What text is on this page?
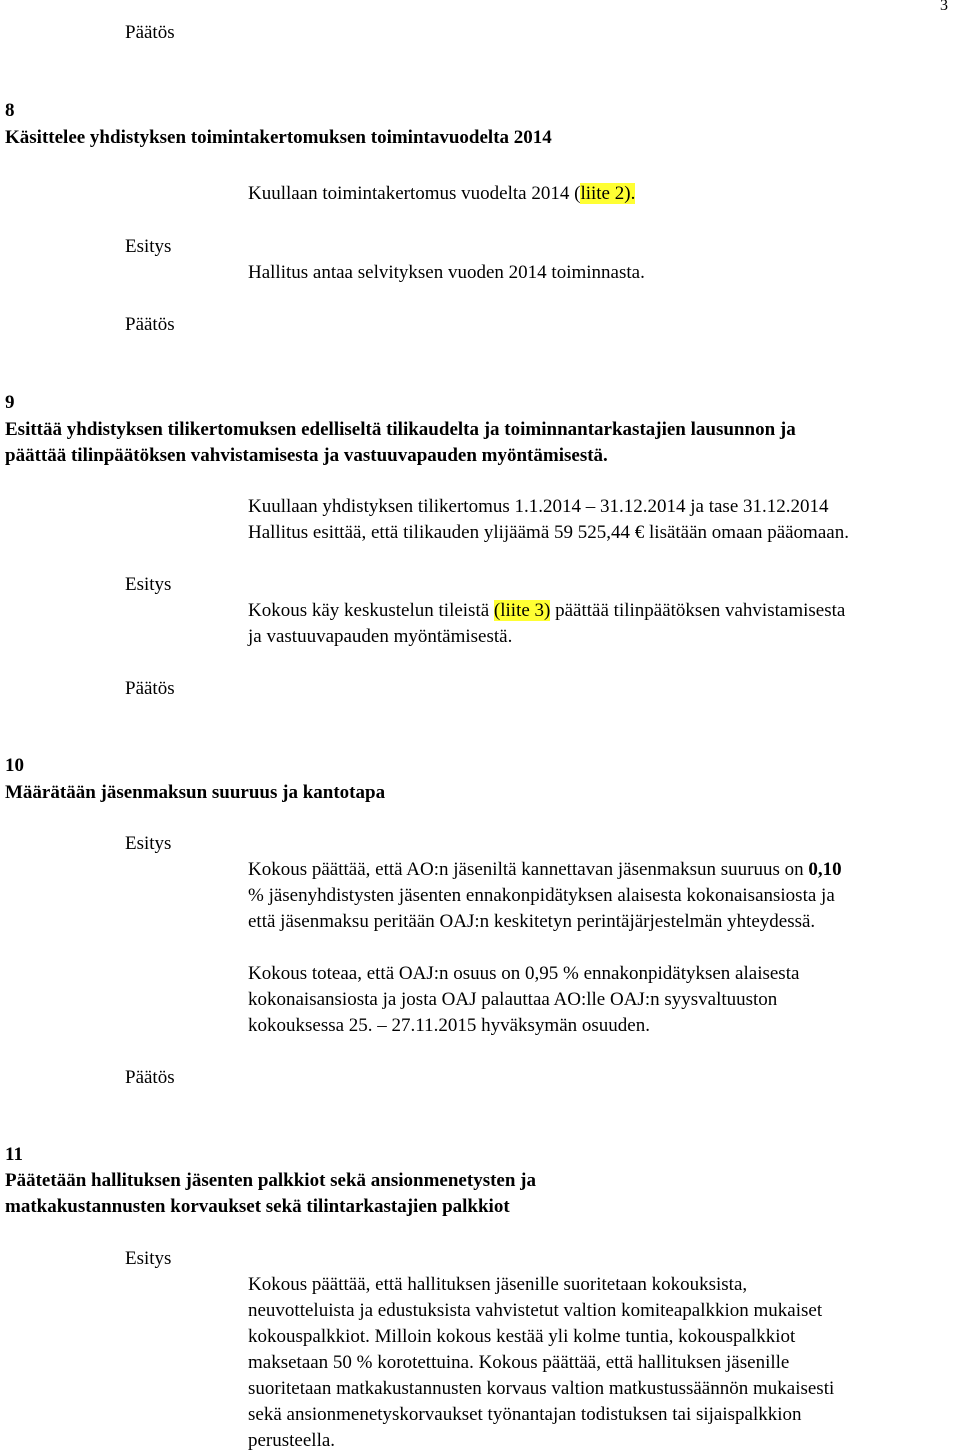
3
Päätös
8
Käsittelee yhdistyksen toimintakertomuksen toimintavuodelta 2014
Kuullaan toimintakertomus vuodelta 2014 (liite 2).
Esitys
Hallitus antaa selvityksen vuoden 2014 toiminnasta.
Päätös
9
Esittää yhdistyksen tilikertomuksen edelliseltä tilikaudelta ja toiminnantarkastajien lausunnon ja
päättää tilinpäätöksen vahvistamisesta ja vastuuvapauden myöntämisestä.
Kuullaan yhdistyksen tilikertomus 1.1.2014 – 31.12.2014 ja tase 31.12.2014
Hallitus esittää, että tilikauden ylijäämä 59 525,44 € lisätään omaan pääomaan.
Esitys
Kokous käy keskustelun tileistä (liite 3) päättää tilinpäätöksen vahvistamisesta
ja vastuuvapauden myöntämisestä.
Päätös
10
Määrätään jäsenmaksun suuruus ja kantotapa
Esitys
Kokous päättää, että AO:n jäseniltä kannettavan jäsenmaksun suuruus on 0,10
% jäsenyhdistysten jäsenten ennakonpidätyksen alaisesta kokonaisansiosta ja
että jäsenmaksu peritään OAJ:n keskitetyn perintäjärjestelmän yhteydessä.
Kokous toteaa, että OAJ:n osuus on 0,95 % ennakonpidätyksen alaisesta
kokonaisansiosta ja josta OAJ palauttaa AO:lle OAJ:n syysvaltuuston
kokouksessa 25. – 27.11.2015 hyväksymän osuuden.
Päätös
11
Päätetään hallituksen jäsenten palkkiot sekä ansionmenetysten ja
matkakustannusten korvaukset sekä tilintarkastajien palkkiot
Esitys
Kokous päättää, että hallituksen jäsenille suoritetaan kokouksista,
neuvotteluista ja edustuksista vahvistetut valtion komiteapalkkion mukaiset
kokouspalkkiot. Milloin kokous kestää yli kolme tuntia, kokouspalkkiot
maksetaan 50 % korotettuina. Kokous päättää, että hallituksen jäsenille
suoritetaan matkakustannusten korvaus valtion matkustussäännön mukaisesti
sekä ansionmenetyskorvaukset työnantajan todistuksen tai sijaispalkkion
perusteella.
